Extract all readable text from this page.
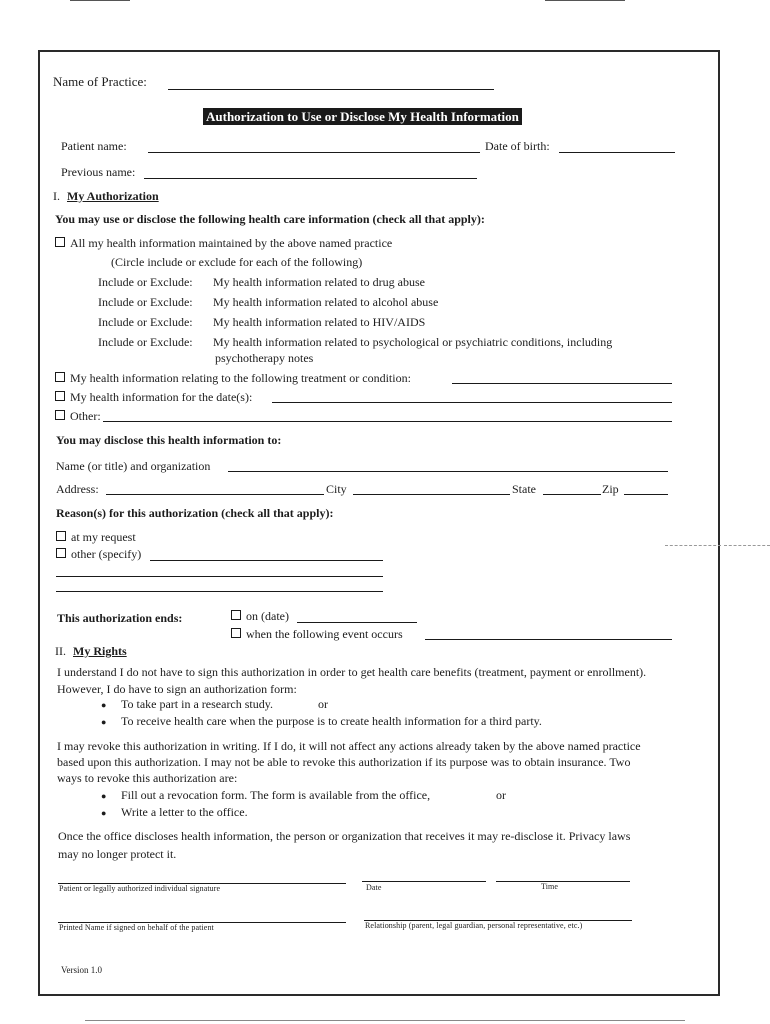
Name of Practice:
Authorization to Use or Disclose My Health Information
Patient name:	Date of birth:
Previous name:
I. My Authorization
You may use or disclose the following health care information (check all that apply):
All my health information maintained by the above named practice
(Circle include or exclude for each of the following)
Include or Exclude: My health information related to drug abuse
Include or Exclude: My health information related to alcohol abuse
Include or Exclude: My health information related to HIV/AIDS
Include or Exclude: My health information related to psychological or psychiatric conditions, including
psychotherapy notes
My health information relating to the following treatment or condition:
My health information for the date(s):
Other:
You may disclose this health information to:
Name (or title) and organization
Address:	City	State	Zip
Reason(s) for this authorization (check all that apply):
at my request
other (specify)
This authorization ends:	on (date)
when the following event occurs
II. My Rights
I understand I do not have to sign this authorization in order to get health care benefits (treatment, payment or enrollment).
However, I do have to sign an authorization form:
● To take part in a research study.	or
● To receive health care when the purpose is to create health information for a third party.
I may revoke this authorization in writing. If I do, it will not affect any actions already taken by the above named practice
based upon this authorization. I may not be able to revoke this authorization if its purpose was to obtain insurance. Two
ways to revoke this authorization are:
● Fill out a revocation form. The form is available from the office,	or
● Write a letter to the office.
Once the office discloses health information, the person or organization that receives it may re-disclose it. Privacy laws
may no longer protect it.
Patient or legally authorized individual signature	Date	Time
Printed Name if signed on behalf of the patient	Relationship (parent, legal guardian, personal representative, etc.)
Version 1.0
